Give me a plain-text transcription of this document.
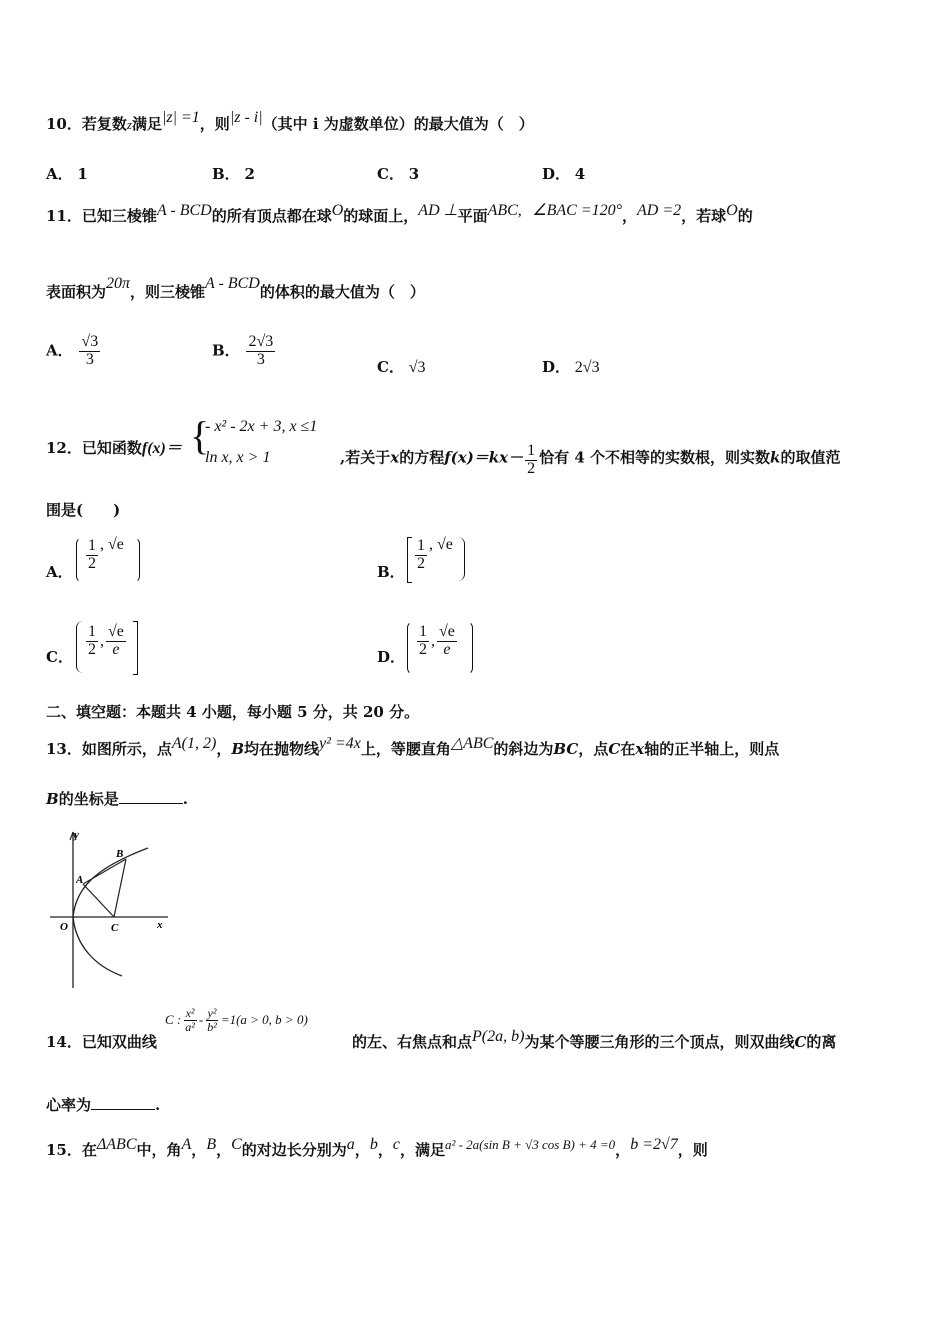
10．若复数z满足|z| =1，则|z - i|（其中 i 为虚数单位）的最大值为（　）
A． 1	B． 2	C． 3	D． 4
11．已知三棱锥A - BCD的所有顶点都在球O的球面上，AD ⊥平面ABC, ∠BAC =120°，AD =2，若球O的
表面积为20π，则三棱锥A - BCD的体积的最大值为（　）
A． $\frac{√3}{3}$	B． $\frac{2√3}{3}$	C． √3	D． 2√3
12．已知函数f(x)＝ {
- x² - 2x + 3, x ≤1
ln x, x > 1	,若关于x的方程$f(x)=kx- \frac{1}{2}$ 恰有 4 个不相等的实数根，则实数k的取值范
围是(　　)
A． $\frac{1}{2}$ , √e
B． $\frac{1}{2}$ , √e
C． $\frac{1}{2}$ , $\frac{√e}{e}$	D． $\frac{1}{2}$ , $\frac{√e}{e}$
二、填空题：本题共 4 小题，每小题 5 分，共 20 分。
13．如图所示，点A(1, 2)，B均在抛物线y² =4x上，等腰直角△ABC的斜边为BC，点C在x轴的正半轴上，则点
B的坐标是	.
y
x
O
A
B
C
14．已知双曲线
C : $\frac{\text{x²}}{\text{a²}} - \frac{\text{y²}}{\text{b²}} =1(a > 0$, b > 0)
的左、右焦点和点P(2a, b)为某个等腰三角形的三个顶点，则双曲线C的离
心率为	.
15．在ΔABC中，角A，B，C的对边长分别为a，b，c，满足a² - 2a(sin B + √3 cos B) + 4 =0，b =2√7，则
